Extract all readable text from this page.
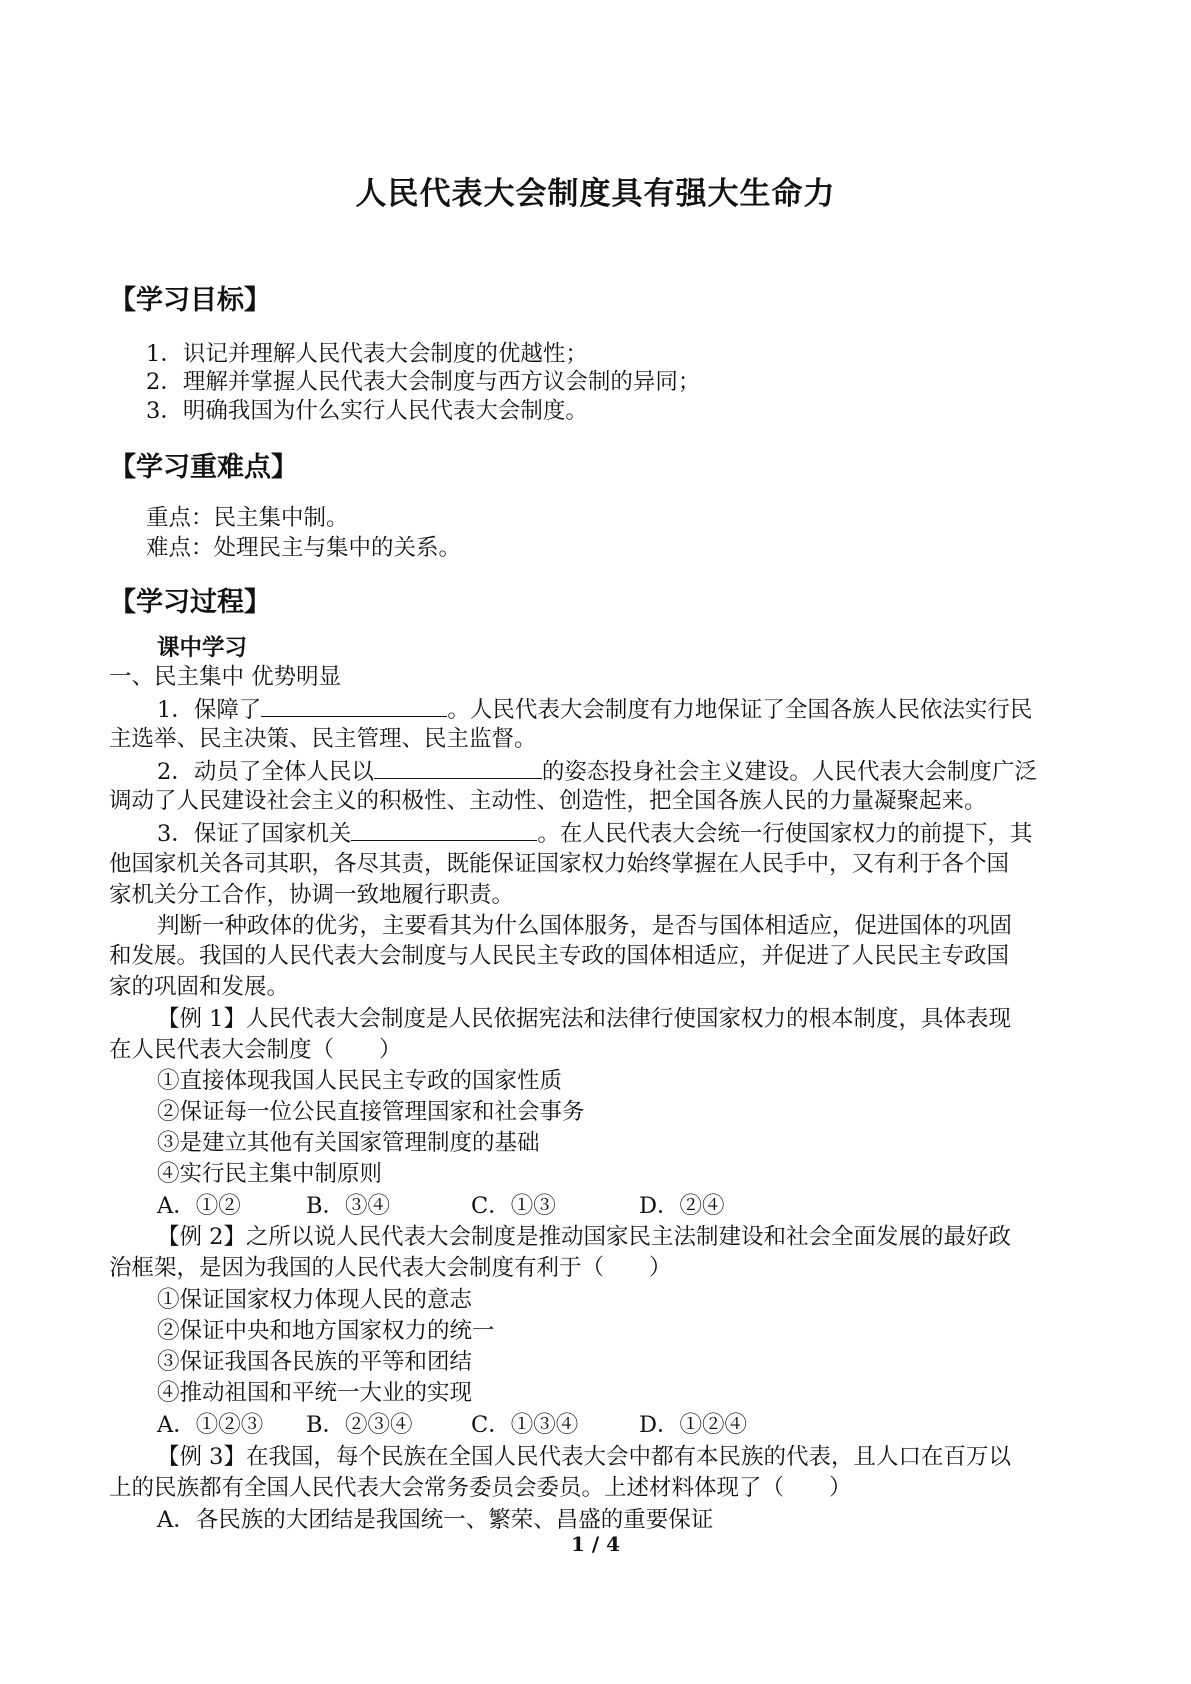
人民代表大会制度具有强大生命力
【学习目标】
1．识记并理解人民代表大会制度的优越性；
2．理解并掌握人民代表大会制度与西方议会制的异同；
3．明确我国为什么实行人民代表大会制度。
【学习重难点】
重点：民主集中制。
难点：处理民主与集中的关系。
【学习过程】
课中学习
一、民主集中 优势明显
1．保障了	。人民代表大会制度有力地保证了全国各族人民依法实行民
主选举、民主决策、民主管理、民主监督。
2．动员了全体人民以	的姿态投身社会主义建设。人民代表大会制度广泛
调动了人民建设社会主义的积极性、主动性、创造性，把全国各族人民的力量凝聚起来。
3．保证了国家机关	。在人民代表大会统一行使国家权力的前提下，其
他国家机关各司其职，各尽其责，既能保证国家权力始终掌握在人民手中，又有利于各个国
家机关分工合作，协调一致地履行职责。
判断一种政体的优劣，主要看其为什么国体服务，是否与国体相适应，促进国体的巩固
和发展。我国的人民代表大会制度与人民民主专政的国体相适应，并促进了人民民主专政国
家的巩固和发展。
【例 1】人民代表大会制度是人民依据宪法和法律行使国家权力的根本制度，具体表现
在人民代表大会制度（　　）
①直接体现我国人民民主专政的国家性质
②保证每一位公民直接管理国家和社会事务
③是建立其他有关国家管理制度的基础
④实行民主集中制原则
A．①②	B．③④	C．①③	D．②④
【例 2】之所以说人民代表大会制度是推动国家民主法制建设和社会全面发展的最好政
治框架，是因为我国的人民代表大会制度有利于（　　）
①保证国家权力体现人民的意志
②保证中央和地方国家权力的统一
③保证我国各民族的平等和团结
④推动祖国和平统一大业的实现
A．①②③ B．②③④	C．①③④	D．①②④
【例 3】在我国，每个民族在全国人民代表大会中都有本民族的代表，且人口在百万以
上的民族都有全国人民代表大会常务委员会委员。上述材料体现了（　　）
A．各民族的大团结是我国统一、繁荣、昌盛的重要保证
1 / 4
